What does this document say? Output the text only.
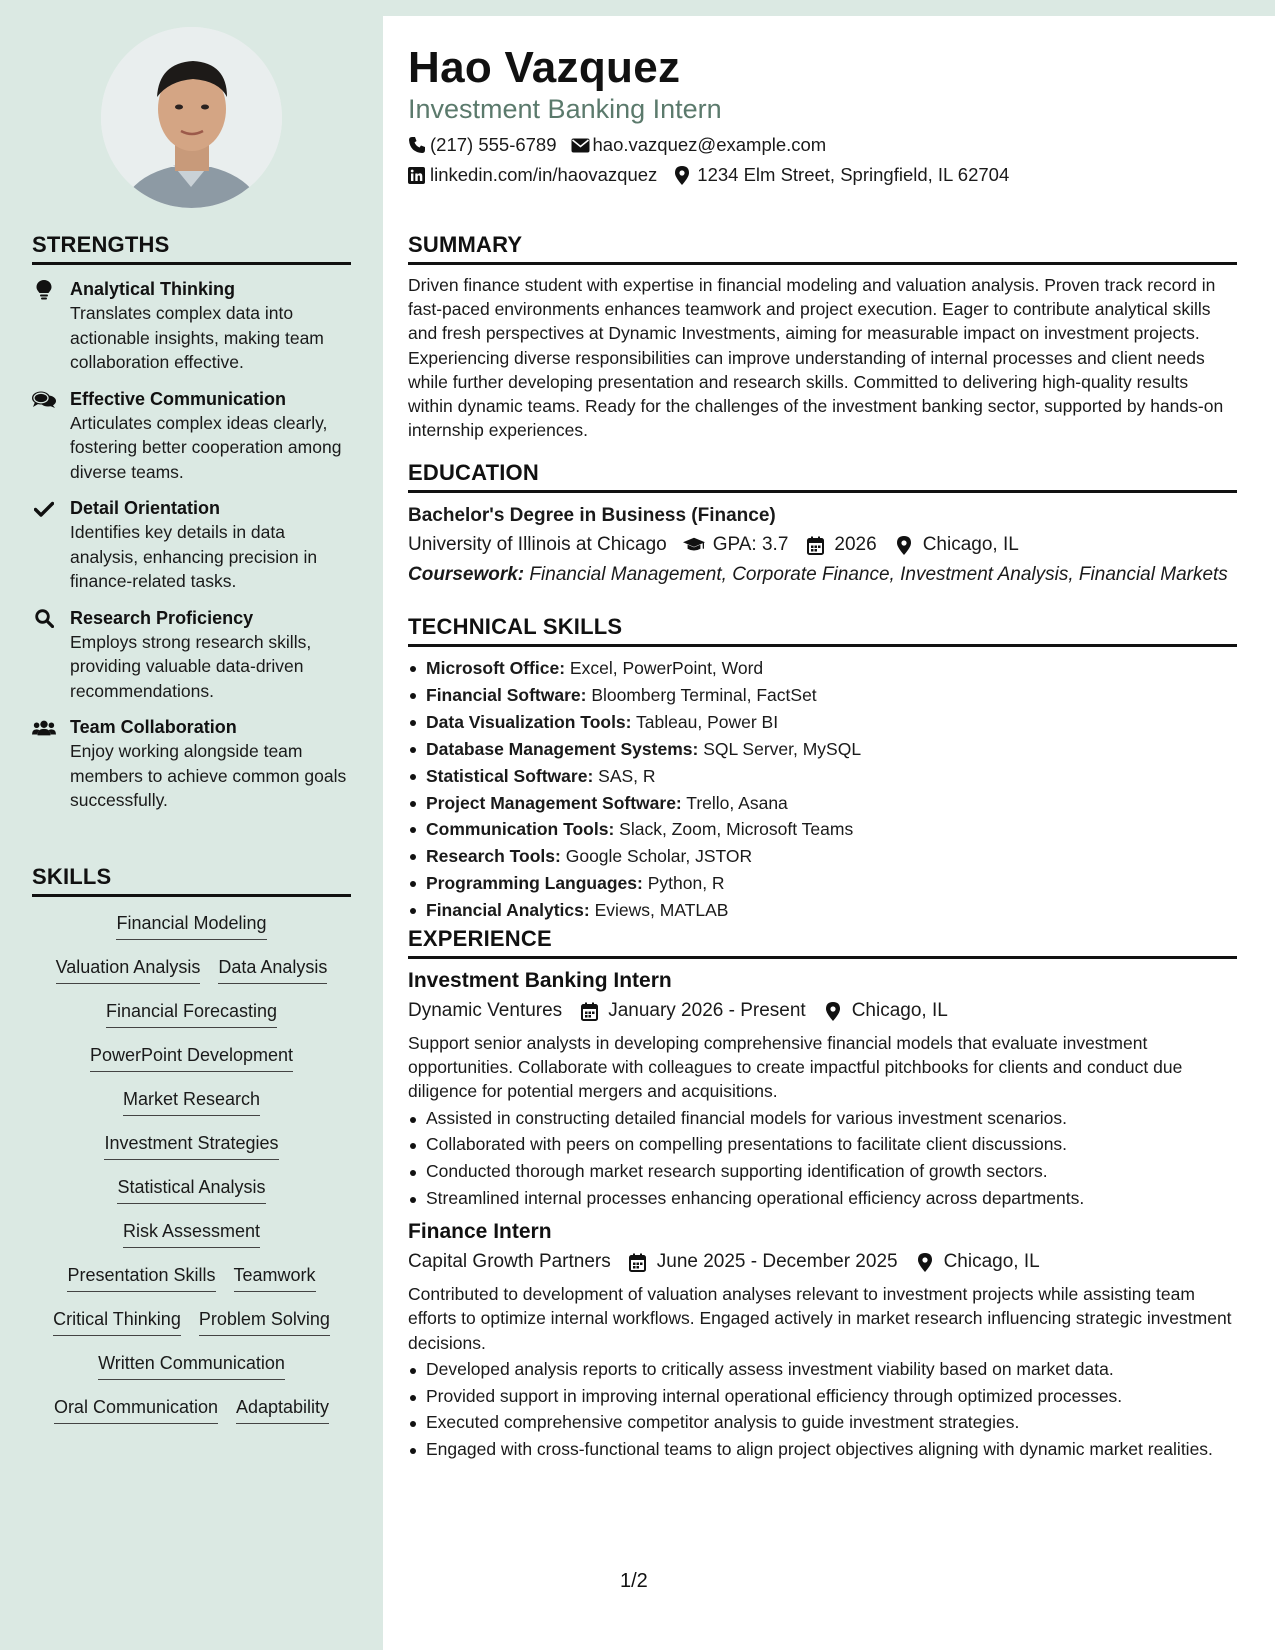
STRENGTHS
Analytical Thinking
Translates complex data into actionable insights, making team collaboration effective.
Effective Communication
Articulates complex ideas clearly, fostering better cooperation among diverse teams.
Detail Orientation
Identifies key details in data analysis, enhancing precision in finance-related tasks.
Research Proficiency
Employs strong research skills, providing valuable data-driven recommendations.
Team Collaboration
Enjoy working alongside team members to achieve common goals successfully.
SKILLS
Financial Modeling
Valuation Analysis Data Analysis
Financial Forecasting
PowerPoint Development
Market Research
Investment Strategies
Statistical Analysis
Risk Assessment
Presentation Skills Teamwork
Critical Thinking Problem Solving
Written Communication
Oral Communication Adaptability
Hao Vazquez
Investment Banking Intern
(217) 555-6789 hao.vazquez@example.com
linkedin.com/in/haovazquez 1234 Elm Street, Springfield, IL 62704
SUMMARY
Driven finance student with expertise in financial modeling and valuation analysis. Proven track record in fast-paced environments enhances teamwork and project execution. Eager to contribute analytical skills and fresh perspectives at Dynamic Investments, aiming for measurable impact on investment projects. Experiencing diverse responsibilities can improve understanding of internal processes and client needs while further developing presentation and research skills. Committed to delivering high-quality results within dynamic teams. Ready for the challenges of the investment banking sector, supported by hands-on internship experiences.
EDUCATION
Bachelor's Degree in Business (Finance)
University of Illinois at Chicago GPA: 3.7 2026 Chicago, IL
Coursework: Financial Management, Corporate Finance, Investment Analysis, Financial Markets
TECHNICAL SKILLS
Microsoft Office: Excel, PowerPoint, Word
Financial Software: Bloomberg Terminal, FactSet
Data Visualization Tools: Tableau, Power BI
Database Management Systems: SQL Server, MySQL
Statistical Software: SAS, R
Project Management Software: Trello, Asana
Communication Tools: Slack, Zoom, Microsoft Teams
Research Tools: Google Scholar, JSTOR
Programming Languages: Python, R
Financial Analytics: Eviews, MATLAB
EXPERIENCE
Investment Banking Intern
Dynamic Ventures January 2026 - Present Chicago, IL
Support senior analysts in developing comprehensive financial models that evaluate investment opportunities. Collaborate with colleagues to create impactful pitchbooks for clients and conduct due diligence for potential mergers and acquisitions.
Assisted in constructing detailed financial models for various investment scenarios.
Collaborated with peers on compelling presentations to facilitate client discussions.
Conducted thorough market research supporting identification of growth sectors.
Streamlined internal processes enhancing operational efficiency across departments.
Finance Intern
Capital Growth Partners June 2025 - December 2025 Chicago, IL
Contributed to development of valuation analyses relevant to investment projects while assisting team efforts to optimize internal workflows. Engaged actively in market research influencing strategic investment decisions.
Developed analysis reports to critically assess investment viability based on market data.
Provided support in improving internal operational efficiency through optimized processes.
Executed comprehensive competitor analysis to guide investment strategies.
Engaged with cross-functional teams to align project objectives aligning with dynamic market realities.
1/2
